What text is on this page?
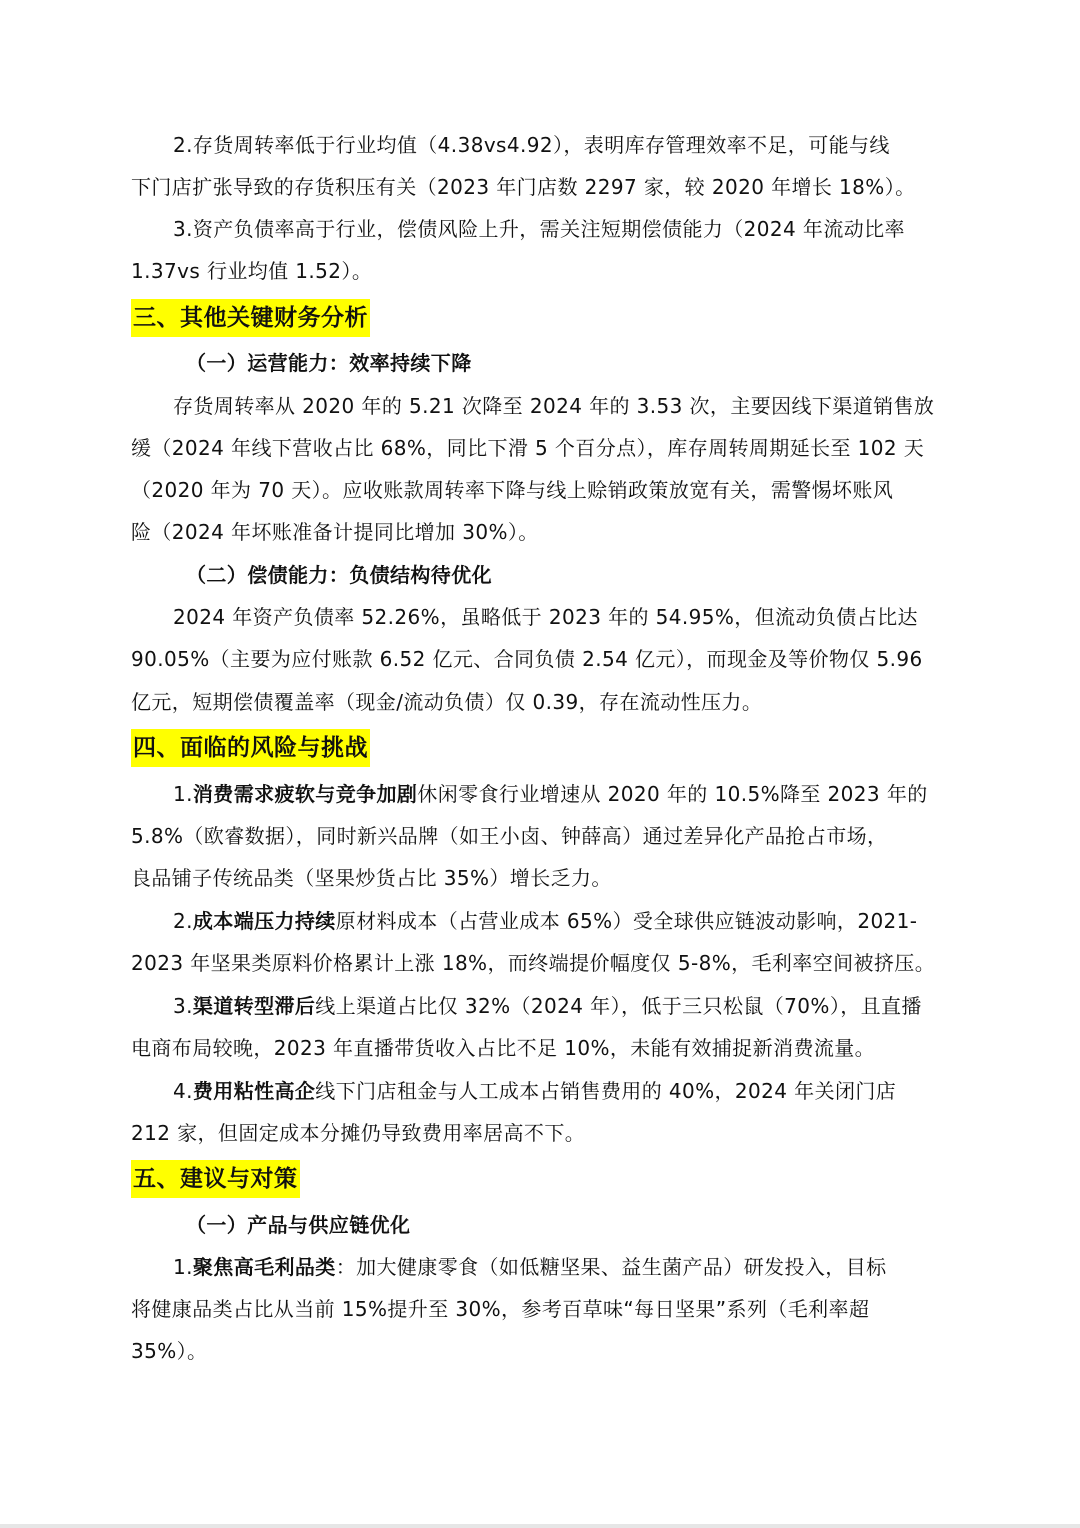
2.存货周转率低于行业均值（4.38vs4.92），表明库存管理效率不足，可能与线
下门店扩张导致的存货积压有关（2023 年门店数 2297 家，较 2020 年增长 18%）。
3.资产负债率高于行业，偿债风险上升，需关注短期偿债能力（2024 年流动比率
1.37vs 行业均值 1.52）。
三、其他关键财务分析
（一）运营能力：效率持续下降
存货周转率从 2020 年的 5.21 次降至 2024 年的 3.53 次，主要因线下渠道销售放
缓（2024 年线下营收占比 68%，同比下滑 5 个百分点），库存周转周期延长至 102 天
（2020 年为 70 天）。应收账款周转率下降与线上赊销政策放宽有关，需警惕坏账风
险（2024 年坏账准备计提同比增加 30%）。
（二）偿债能力：负债结构待优化
2024 年资产负债率 52.26%，虽略低于 2023 年的 54.95%，但流动负债占比达
90.05%（主要为应付账款 6.52 亿元、合同负债 2.54 亿元），而现金及等价物仅 5.96
亿元，短期偿债覆盖率（现金/流动负债）仅 0.39，存在流动性压力。
四、面临的风险与挑战
1.消费需求疲软与竞争加剧休闲零食行业增速从 2020 年的 10.5%降至 2023 年的
5.8%（欧睿数据），同时新兴品牌（如王小卤、钟薛高）通过差异化产品抢占市场，
良品铺子传统品类（坚果炒货占比 35%）增长乏力。
2.成本端压力持续原材料成本（占营业成本 65%）受全球供应链波动影响，2021-
2023 年坚果类原料价格累计上涨 18%，而终端提价幅度仅 5-8%，毛利率空间被挤压。
3.渠道转型滞后线上渠道占比仅 32%（2024 年），低于三只松鼠（70%），且直播
电商布局较晚，2023 年直播带货收入占比不足 10%，未能有效捕捉新消费流量。
4.费用粘性高企线下门店租金与人工成本占销售费用的 40%，2024 年关闭门店
212 家，但固定成本分摊仍导致费用率居高不下。
五、建议与对策
（一）产品与供应链优化
1.聚焦高毛利品类：加大健康零食（如低糖坚果、益生菌产品）研发投入，目标
将健康品类占比从当前 15%提升至 30%，参考百草味“每日坚果”系列（毛利率超
35%）。
